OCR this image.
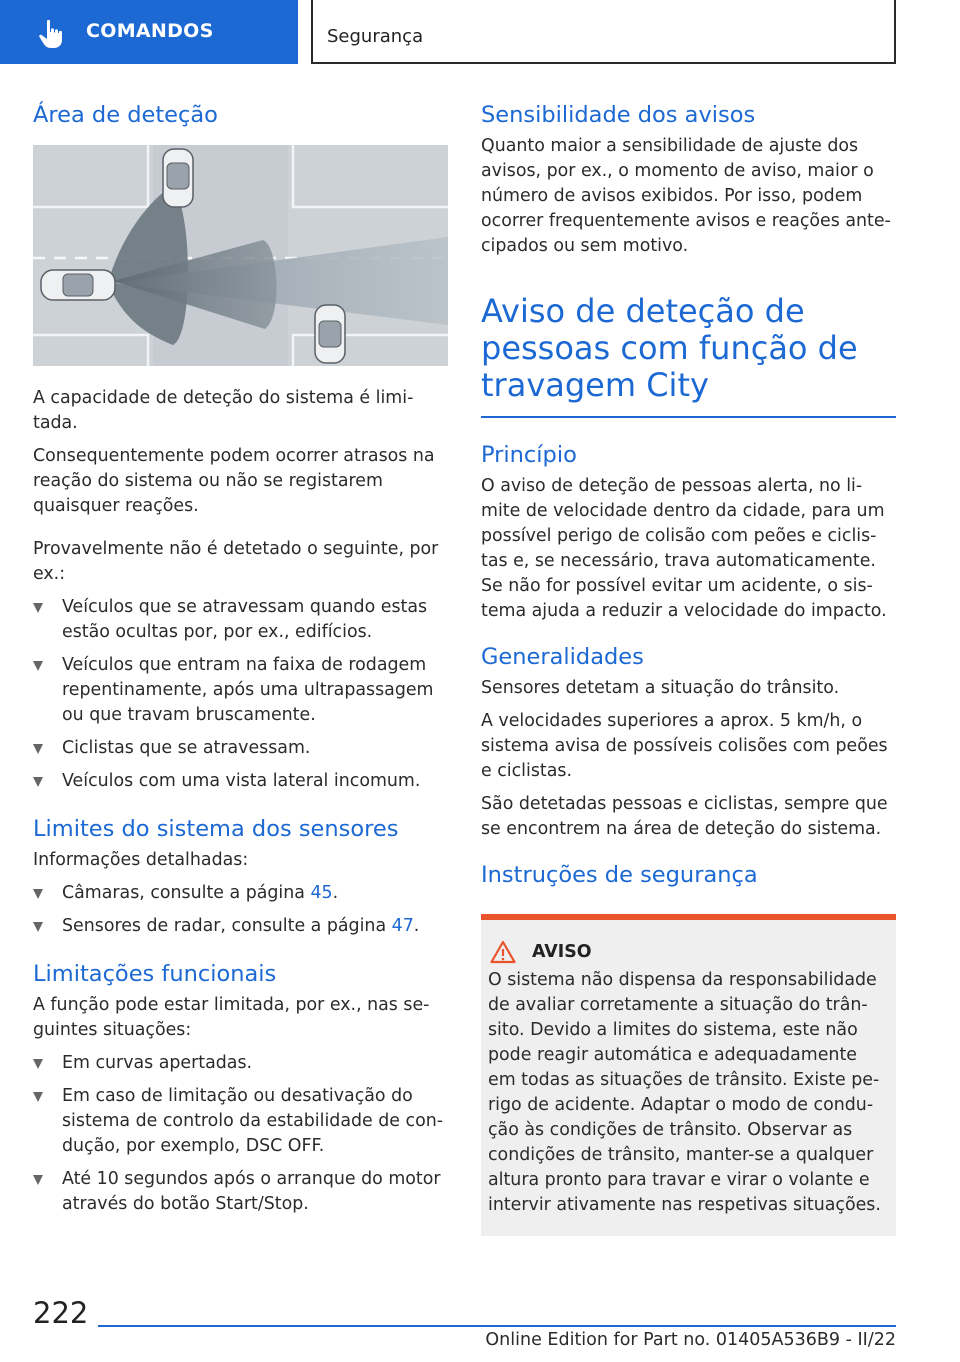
COMANDOS	Segurança
Área de deteção

A capacidade de deteção do sistema é limi-tada.

Consequentemente podem ocorrer atrasos na reação do sistema ou não se registarem quaisquer reações.

Provavelmente não é detetado o seguinte, por ex.:

Veículos que se atravessam quando estas estão ocultas por, por ex., edifícios.
Veículos que entram na faixa de rodagem repentinamente, após uma ultrapassagem ou que travam bruscamente.
Ciclistas que se atravessam.
Veículos com uma vista lateral incomum.
Limites do sistema dos sensores

Informações detalhadas:

Câmaras, consulte a página 45.
Sensores de radar, consulte a página 47.
Limitações funcionais

A função pode estar limitada, por ex., nas se-guintes situações:

Em curvas apertadas.
Em caso de limitação ou desativação do sistema de controlo da estabilidade de con-dução, por exemplo, DSC OFF.
Até 10 segundos após o arranque do motor através do botão Start/Stop.
Sensibilidade dos avisos

Quanto maior a sensibilidade de ajuste dos avisos, por ex., o momento de aviso, maior o número de avisos exibidos. Por isso, podem ocorrer frequentemente avisos e reações ante-cipados ou sem motivo.

Aviso de deteção de pessoas com função de travagem City
Princípio

O aviso de deteção de pessoas alerta, no li-mite de velocidade dentro da cidade, para um possível perigo de colisão com peões e ciclis-tas e, se necessário, trava automaticamente. Se não for possível evitar um acidente, o sis-tema ajuda a reduzir a velocidade do impacto.

Generalidades

Sensores detetam a situação do trânsito.

A velocidades superiores a aprox. 5 km/h, o sistema avisa de possíveis colisões com peões e ciclistas.

São detetadas pessoas e ciclistas, sempre que se encontrem na área de deteção do sistema.

Instruções de segurança
AVISO

O sistema não dispensa da responsabilidade de avaliar corretamente a situação do trân-sito. Devido a limites do sistema, este não pode reagir automática e adequadamente em todas as situações de trânsito. Existe pe-rigo de acidente. Adaptar o modo de condu-ção às condições de trânsito. Observar as condições de trânsito, manter-se a qualquer altura pronto para travar e virar o volante e intervir ativamente nas respetivas situações.

222
Online Edition for Part no. 01405A536B9 - II/22
